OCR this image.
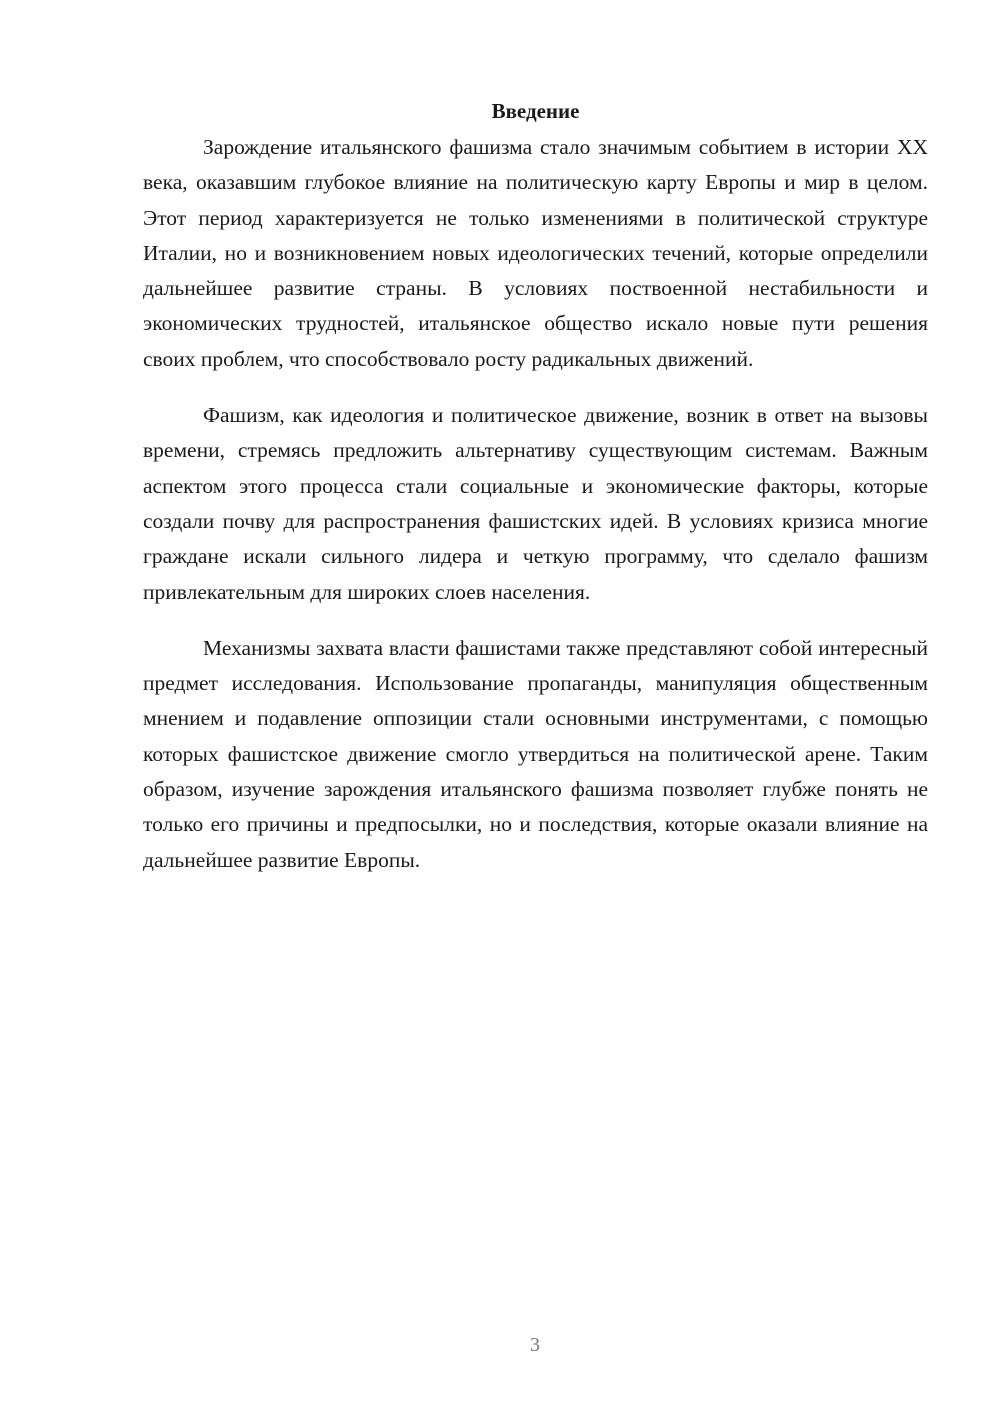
Введение

Зарождение итальянского фашизма стало значимым событием в истории XX века, оказавшим глубокое влияние на политическую карту Европы и мир в целом. Этот период характеризуется не только изменениями в политической структуре Италии, но и возникновением новых идеологических течений, которые определили дальнейшее развитие страны. В условиях поствоенной нестабильности и экономических трудностей, итальянское общество искало новые пути решения своих проблем, что способствовало росту радикальных движений.

Фашизм, как идеология и политическое движение, возник в ответ на вызовы времени, стремясь предложить альтернативу существующим системам. Важным аспектом этого процесса стали социальные и экономические факторы, которые создали почву для распространения фашистских идей. В условиях кризиса многие граждане искали сильного лидера и четкую программу, что сделало фашизм привлекательным для широких слоев населения.

Механизмы захвата власти фашистами также представляют собой интересный предмет исследования. Использование пропаганды, манипуляция общественным мнением и подавление оппозиции стали основными инструментами, с помощью которых фашистское движение смогло утвердиться на политической арене. Таким образом, изучение зарождения итальянского фашизма позволяет глубже понять не только его причины и предпосылки, но и последствия, которые оказали влияние на дальнейшее развитие Европы.

3
